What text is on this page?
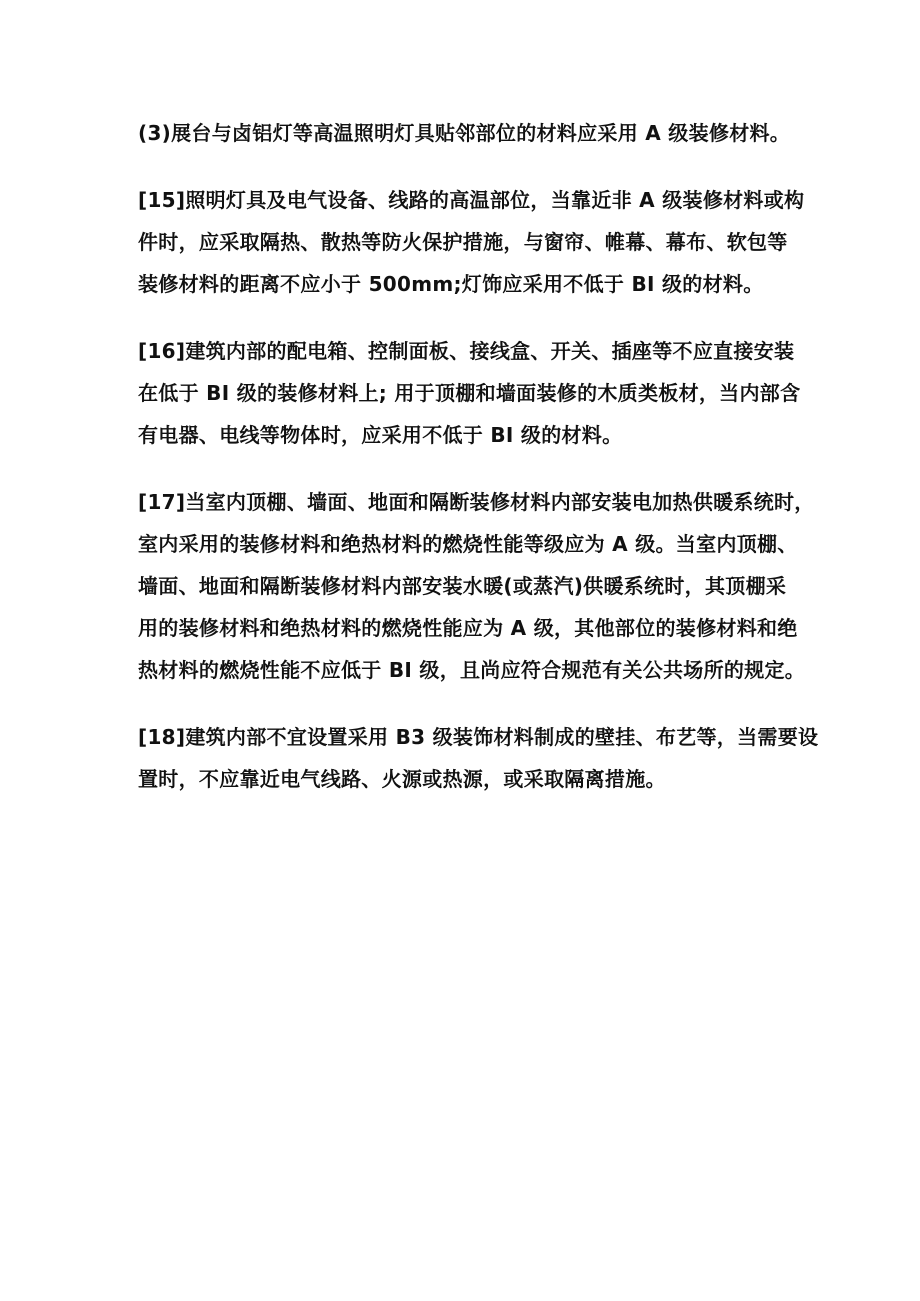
(3)展台与卤铝灯等高温照明灯具贴邻部位的材料应采用 A 级装修材料。
[15]照明灯具及电气设备、线路的高温部位，当靠近非 A 级装修材料或构
件时，应采取隔热、散热等防火保护措施，与窗帘、帷幕、幕布、软包等
装修材料的距离不应小于 500mm;灯饰应采用不低于 BI 级的材料。
[16]建筑内部的配电箱、控制面板、接线盒、开关、插座等不应直接安装
在低于 BI 级的装修材料上; 用于顶棚和墙面装修的木质类板材，当内部含
有电器、电线等物体时，应采用不低于 BI 级的材料。
[17]当室内顶棚、墙面、地面和隔断装修材料内部安装电加热供暖系统时，
室内采用的装修材料和绝热材料的燃烧性能等级应为 A 级。当室内顶棚、
墙面、地面和隔断装修材料内部安装水暖(或蒸汽)供暖系统时，其顶棚采
用的装修材料和绝热材料的燃烧性能应为 A 级，其他部位的装修材料和绝
热材料的燃烧性能不应低于 BI 级，且尚应符合规范有关公共场所的规定。
[18]建筑内部不宜设置采用 B3 级装饰材料制成的壁挂、布艺等，当需要设
置时，不应靠近电气线路、火源或热源，或采取隔离措施。
